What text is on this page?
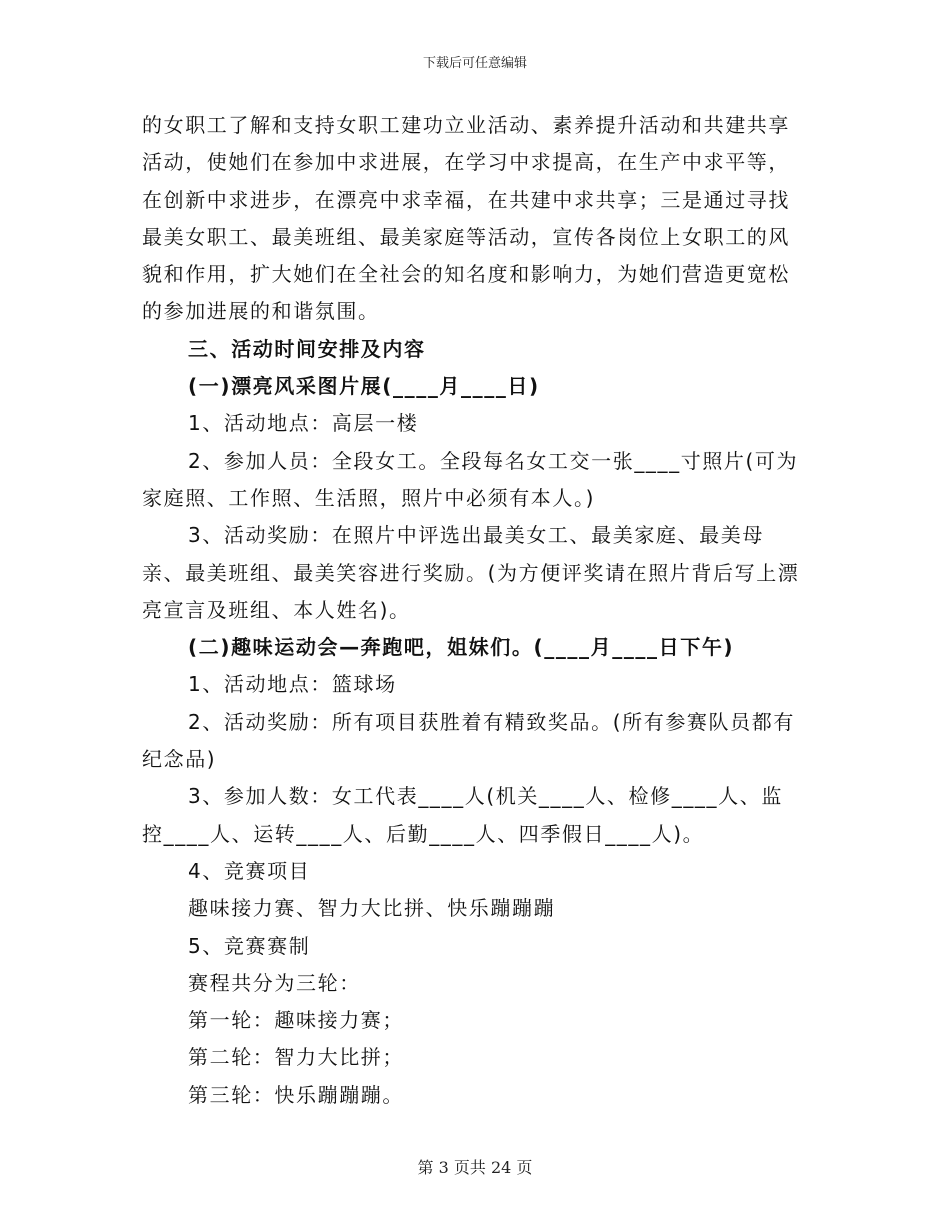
下载后可任意编辑

的女职工了解和支持女职工建功立业活动、素养提升活动和共建共享活动，使她们在参加中求进展，在学习中求提高，在生产中求平等，在创新中求进步，在漂亮中求幸福，在共建中求共享；三是通过寻找最美女职工、最美班组、最美家庭等活动，宣传各岗位上女职工的风貌和作用，扩大她们在全社会的知名度和影响力，为她们营造更宽松的参加进展的和谐氛围。

三、活动时间安排及内容

(一)漂亮风采图片展(____月____日)

1、活动地点：高层一楼

2、参加人员：全段女工。全段每名女工交一张____寸照片(可为家庭照、工作照、生活照，照片中必须有本人。)

3、活动奖励：在照片中评选出最美女工、最美家庭、最美母亲、最美班组、最美笑容进行奖励。(为方便评奖请在照片背后写上漂亮宣言及班组、本人姓名)。

(二)趣味运动会—奔跑吧，姐妹们。(____月____日下午)

1、活动地点：篮球场

2、活动奖励：所有项目获胜着有精致奖品。(所有参赛队员都有纪念品)

3、参加人数：女工代表____人(机关____人、检修____人、监控____人、运转____人、后勤____人、四季假日____人)。

4、竞赛项目

趣味接力赛、智力大比拼、快乐蹦蹦蹦

5、竞赛赛制

赛程共分为三轮：

第一轮：趣味接力赛；

第二轮：智力大比拼；

第三轮：快乐蹦蹦蹦。

第 3 页共 24 页
